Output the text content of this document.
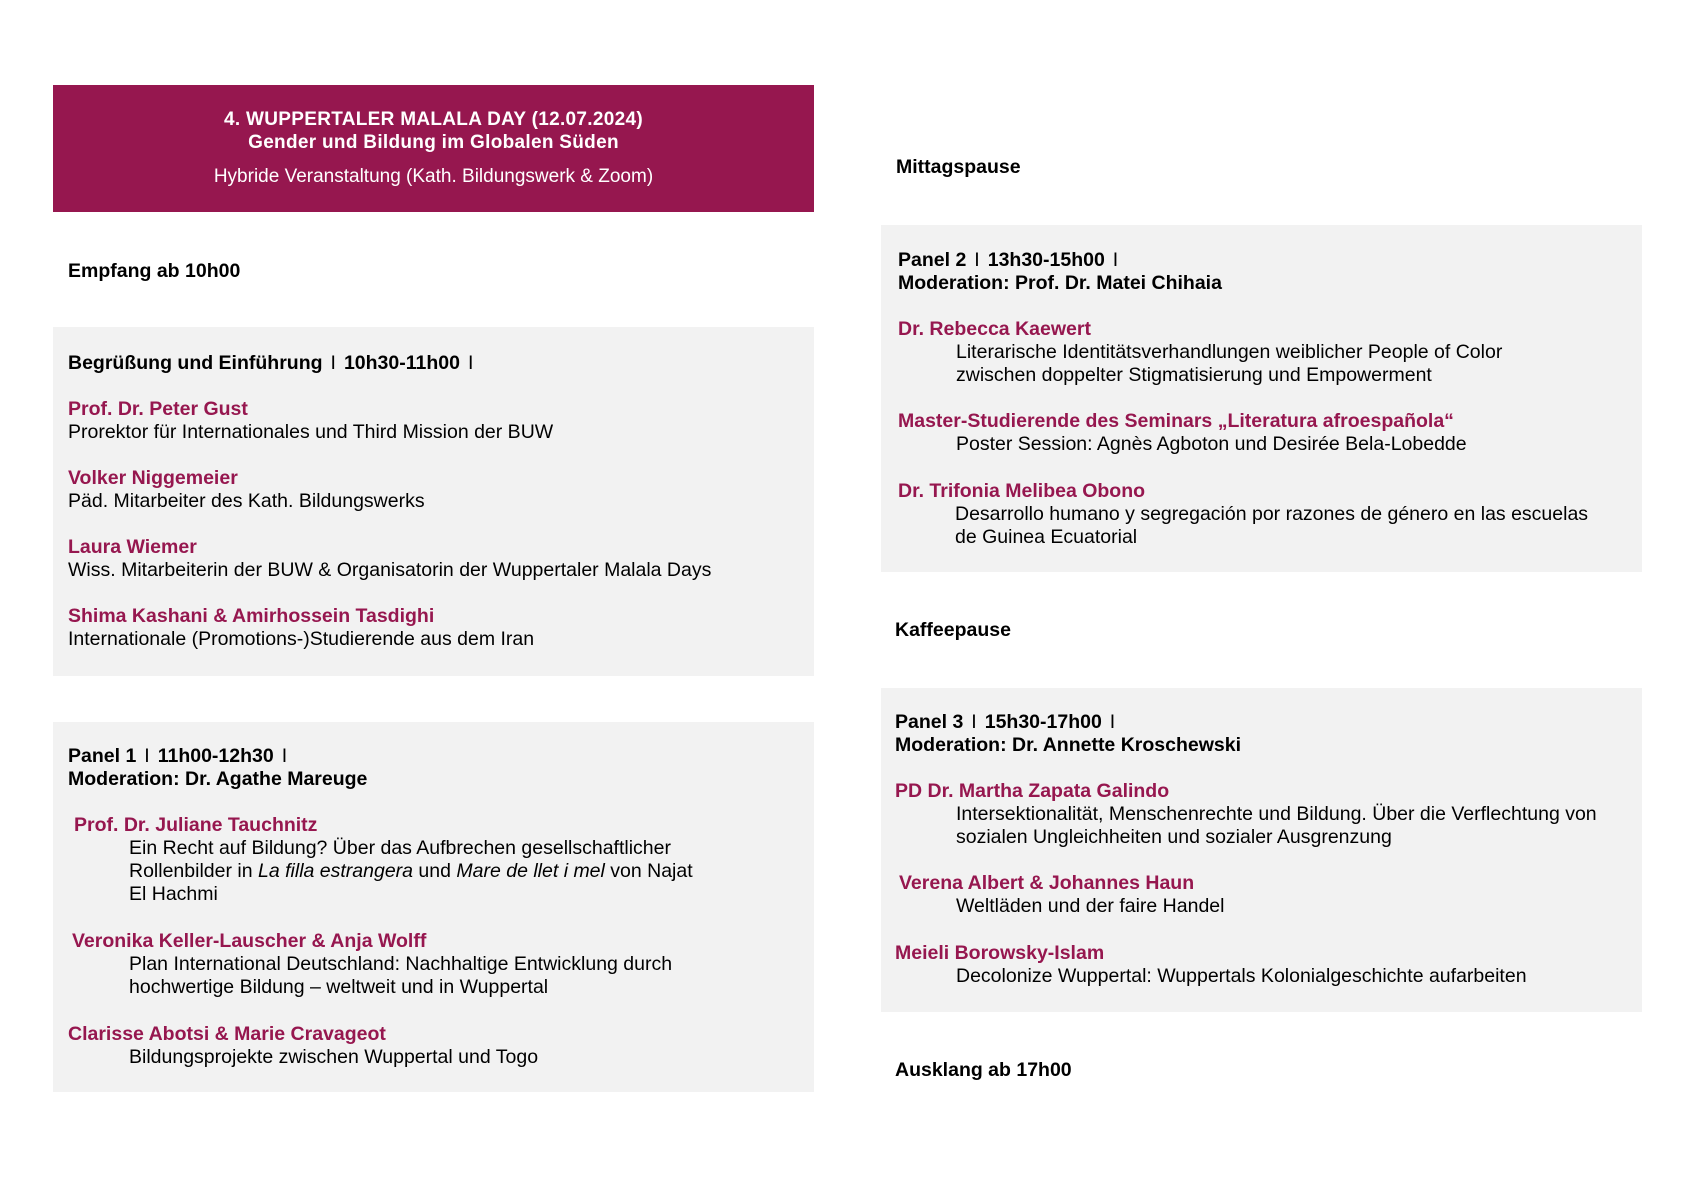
4. WUPPERTALER MALALA DAY (12.07.2024)
Gender und Bildung im Globalen Süden
Hybride Veranstaltung (Kath. Bildungswerk & Zoom)
Empfang ab 10h00
Begrüßung und Einführung I 10h30-11h00 I
Prof. Dr. Peter Gust
Prorektor für Internationales und Third Mission der BUW
Volker Niggemeier
Päd. Mitarbeiter des Kath. Bildungswerks
Laura Wiemer
Wiss. Mitarbeiterin der BUW & Organisatorin der Wuppertaler Malala Days
Shima Kashani & Amirhossein Tasdighi
Internationale (Promotions-)Studierende aus dem Iran
Panel 1 I 11h00-12h30 I
Moderation: Dr. Agathe Mareuge
Prof. Dr. Juliane Tauchnitz
Ein Recht auf Bildung? Über das Aufbrechen gesellschaftlicher
Rollenbilder in La filla estrangera und Mare de llet i mel von Najat
El Hachmi
Veronika Keller-Lauscher & Anja Wolff
Plan International Deutschland: Nachhaltige Entwicklung durch
hochwertige Bildung – weltweit und in Wuppertal
Clarisse Abotsi & Marie Cravageot
Bildungsprojekte zwischen Wuppertal und Togo
Mittagspause
Panel 2 I 13h30-15h00 I
Moderation: Prof. Dr. Matei Chihaia
Dr. Rebecca Kaewert
Literarische Identitätsverhandlungen weiblicher People of Color
zwischen doppelter Stigmatisierung und Empowerment
Master-Studierende des Seminars „Literatura afroespañola“
Poster Session: Agnès Agboton und Desirée Bela-Lobedde
Dr. Trifonia Melibea Obono
Desarrollo humano y segregación por razones de género en las escuelas
de Guinea Ecuatorial
Kaffeepause
Panel 3 I 15h30-17h00 I
Moderation: Dr. Annette Kroschewski
PD Dr. Martha Zapata Galindo
Intersektionalität, Menschenrechte und Bildung. Über die Verflechtung von
sozialen Ungleichheiten und sozialer Ausgrenzung
Verena Albert & Johannes Haun
Weltläden und der faire Handel
Meieli Borowsky-Islam
Decolonize Wuppertal: Wuppertals Kolonialgeschichte aufarbeiten
Ausklang ab 17h00
